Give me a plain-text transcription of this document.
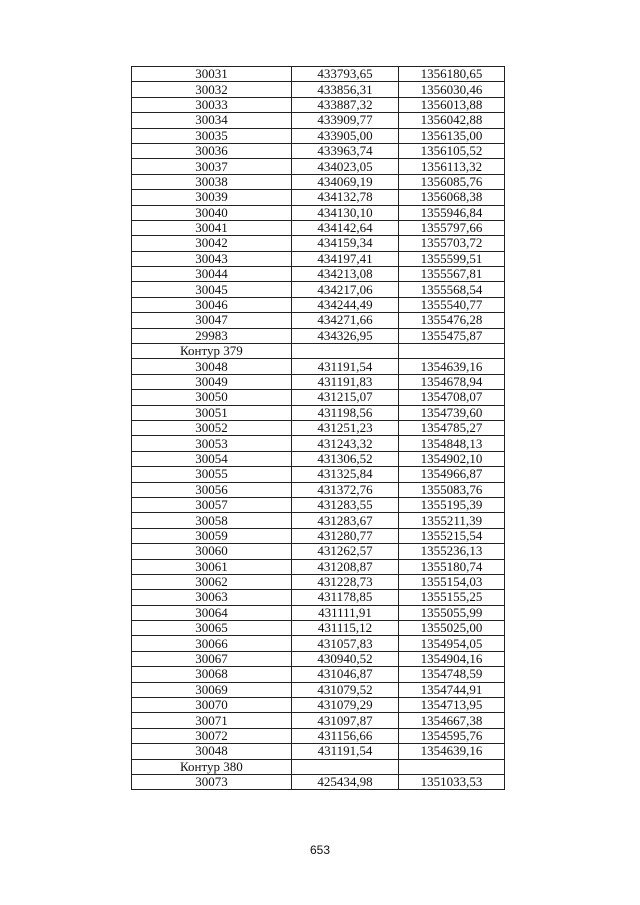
30031	433793,65	1356180,65
30032	433856,31	1356030,46
30033	433887,32	1356013,88
30034	433909,77	1356042,88
30035	433905,00	1356135,00
30036	433963,74	1356105,52
30037	434023,05	1356113,32
30038	434069,19	1356085,76
30039	434132,78	1356068,38
30040	434130,10	1355946,84
30041	434142,64	1355797,66
30042	434159,34	1355703,72
30043	434197,41	1355599,51
30044	434213,08	1355567,81
30045	434217,06	1355568,54
30046	434244,49	1355540,77
30047	434271,66	1355476,28
29983	434326,95	1355475,87
Контур 379		
30048	431191,54	1354639,16
30049	431191,83	1354678,94
30050	431215,07	1354708,07
30051	431198,56	1354739,60
30052	431251,23	1354785,27
30053	431243,32	1354848,13
30054	431306,52	1354902,10
30055	431325,84	1354966,87
30056	431372,76	1355083,76
30057	431283,55	1355195,39
30058	431283,67	1355211,39
30059	431280,77	1355215,54
30060	431262,57	1355236,13
30061	431208,87	1355180,74
30062	431228,73	1355154,03
30063	431178,85	1355155,25
30064	431111,91	1355055,99
30065	431115,12	1355025,00
30066	431057,83	1354954,05
30067	430940,52	1354904,16
30068	431046,87	1354748,59
30069	431079,52	1354744,91
30070	431079,29	1354713,95
30071	431097,87	1354667,38
30072	431156,66	1354595,76
30048	431191,54	1354639,16
Контур 380		
30073	425434,98	1351033,53
653
